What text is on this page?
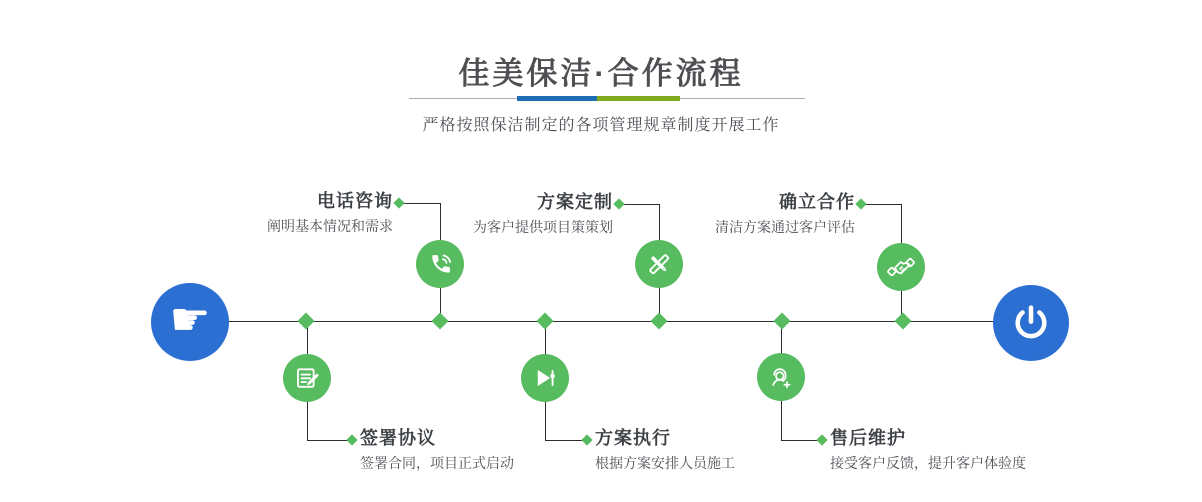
佳美保洁·合作流程

严格按照保洁制定的各项管理规章制度开展工作

☛
电话咨询
阐明基本情况和需求
方案定制
为客户提供项目策策划
确立合作
清洁方案通过客户评估
签署协议
签署合同，项目正式启动
方案执行
根据方案安排人员施工
售后维护
接受客户反馈，提升客户体验度
